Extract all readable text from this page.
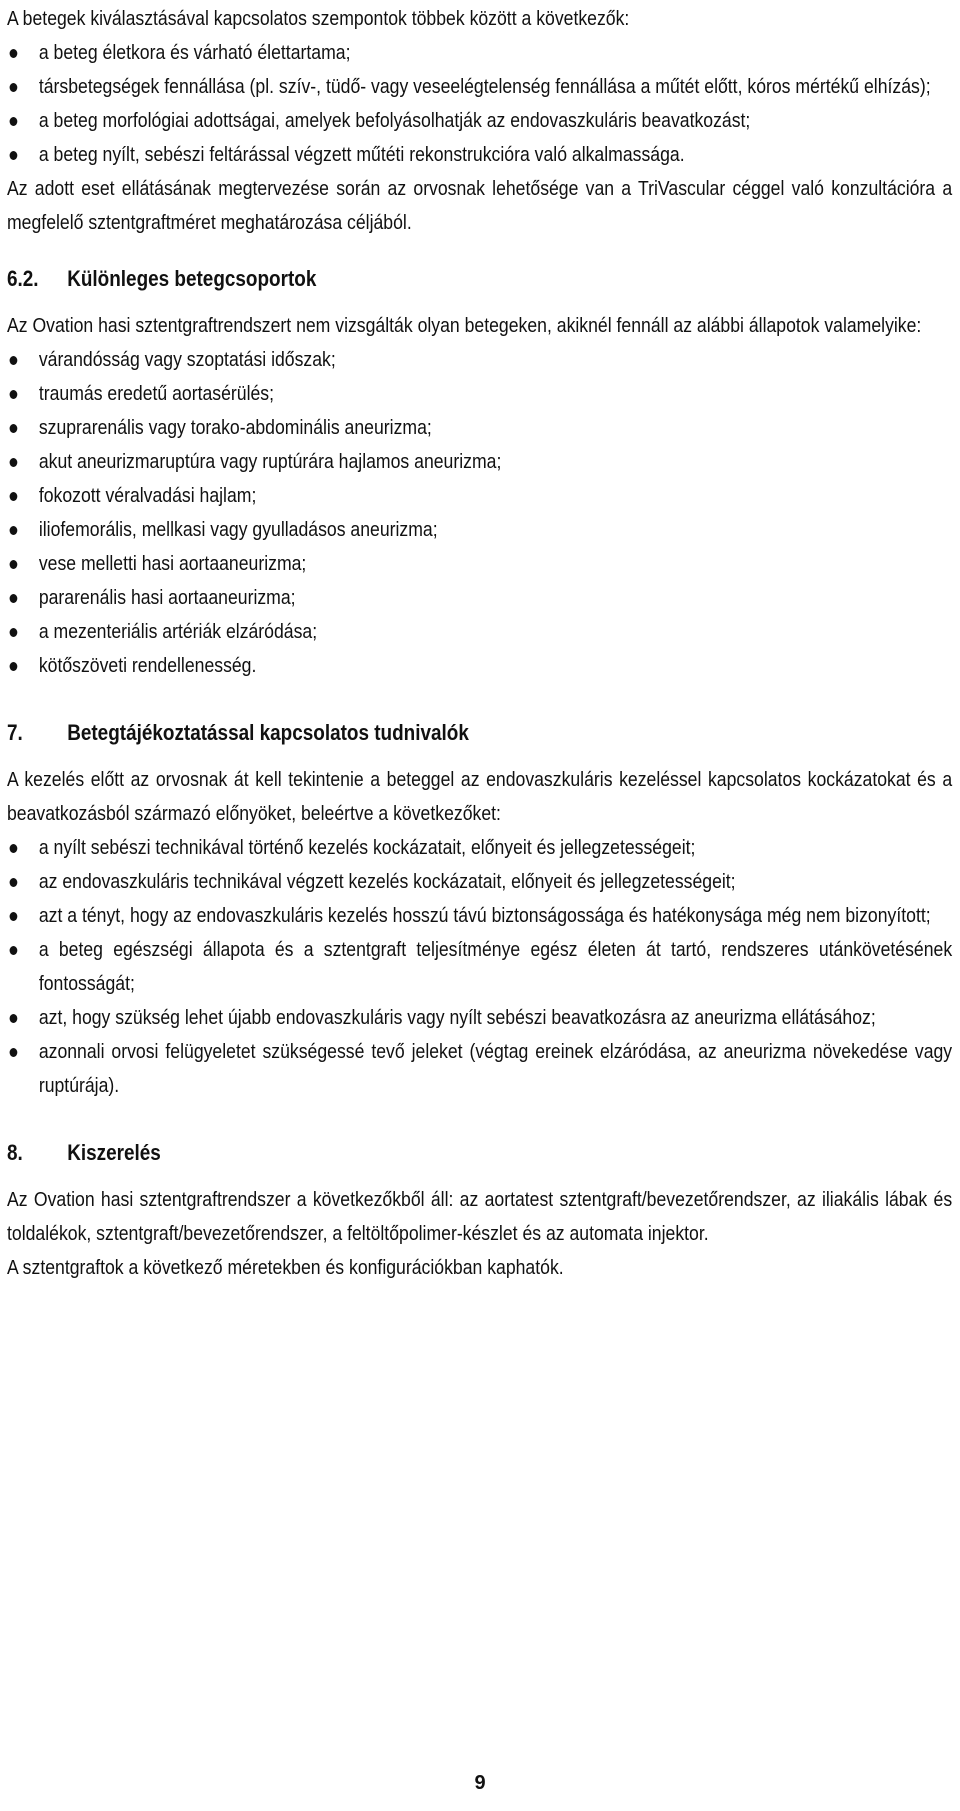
A betegek kiválasztásával kapcsolatos szempontok többek között a következők:

a beteg életkora és várható élettartama;
társbetegségek fennállása (pl. szív-, tüdő- vagy veseelégtelenség fennállása a műtét előtt, kóros mértékű elhízás);
a beteg morfológiai adottságai, amelyek befolyásolhatják az endovaszkuláris beavatkozást;
a beteg nyílt, sebészi feltárással végzett műtéti rekonstrukcióra való alkalmassága.

Az adott eset ellátásának megtervezése során az orvosnak lehetősége van a TriVascular céggel való konzultációra a megfelelő sztentgraftméret meghatározása céljából.

6.2. Különleges betegcsoportok

Az Ovation hasi sztentgraftrendszert nem vizsgálták olyan betegeken, akiknél fennáll az alábbi állapotok valamelyike:

várandósság vagy szoptatási időszak;
traumás eredetű aortasérülés;
szuprarenális vagy torako-abdominális aneurizma;
akut aneurizmaruptúra vagy ruptúrára hajlamos aneurizma;
fokozott véralvadási hajlam;
iliofemorális, mellkasi vagy gyulladásos aneurizma;
vese melletti hasi aortaaneurizma;
pararenális hasi aortaaneurizma;
a mezenteriális artériák elzáródása;
kötőszöveti rendellenesség.
7. Betegtájékoztatással kapcsolatos tudnivalók

A kezelés előtt az orvosnak át kell tekintenie a beteggel az endovaszkuláris kezeléssel kapcsolatos kockázatokat és a beavatkozásból származó előnyöket, beleértve a következőket:

a nyílt sebészi technikával történő kezelés kockázatait, előnyeit és jellegzetességeit;
az endovaszkuláris technikával végzett kezelés kockázatait, előnyeit és jellegzetességeit;
azt a tényt, hogy az endovaszkuláris kezelés hosszú távú biztonságossága és hatékonysága még nem bizonyított;
a beteg egészségi állapota és a sztentgraft teljesítménye egész életen át tartó, rendszeres utánkövetésének fontosságát;
azt, hogy szükség lehet újabb endovaszkuláris vagy nyílt sebészi beavatkozásra az aneurizma ellátásához;
azonnali orvosi felügyeletet szükségessé tevő jeleket (végtag ereinek elzáródása, az aneurizma növekedése vagy ruptúrája).
8. Kiszerelés

Az Ovation hasi sztentgraftrendszer a következőkből áll: az aortatest sztentgraft/bevezetőrendszer, az iliakális lábak és toldalékok, sztentgraft/bevezetőrendszer, a feltöltőpolimer-készlet és az automata injektor.

A sztentgraftok a következő méretekben és konfigurációkban kaphatók.

9
